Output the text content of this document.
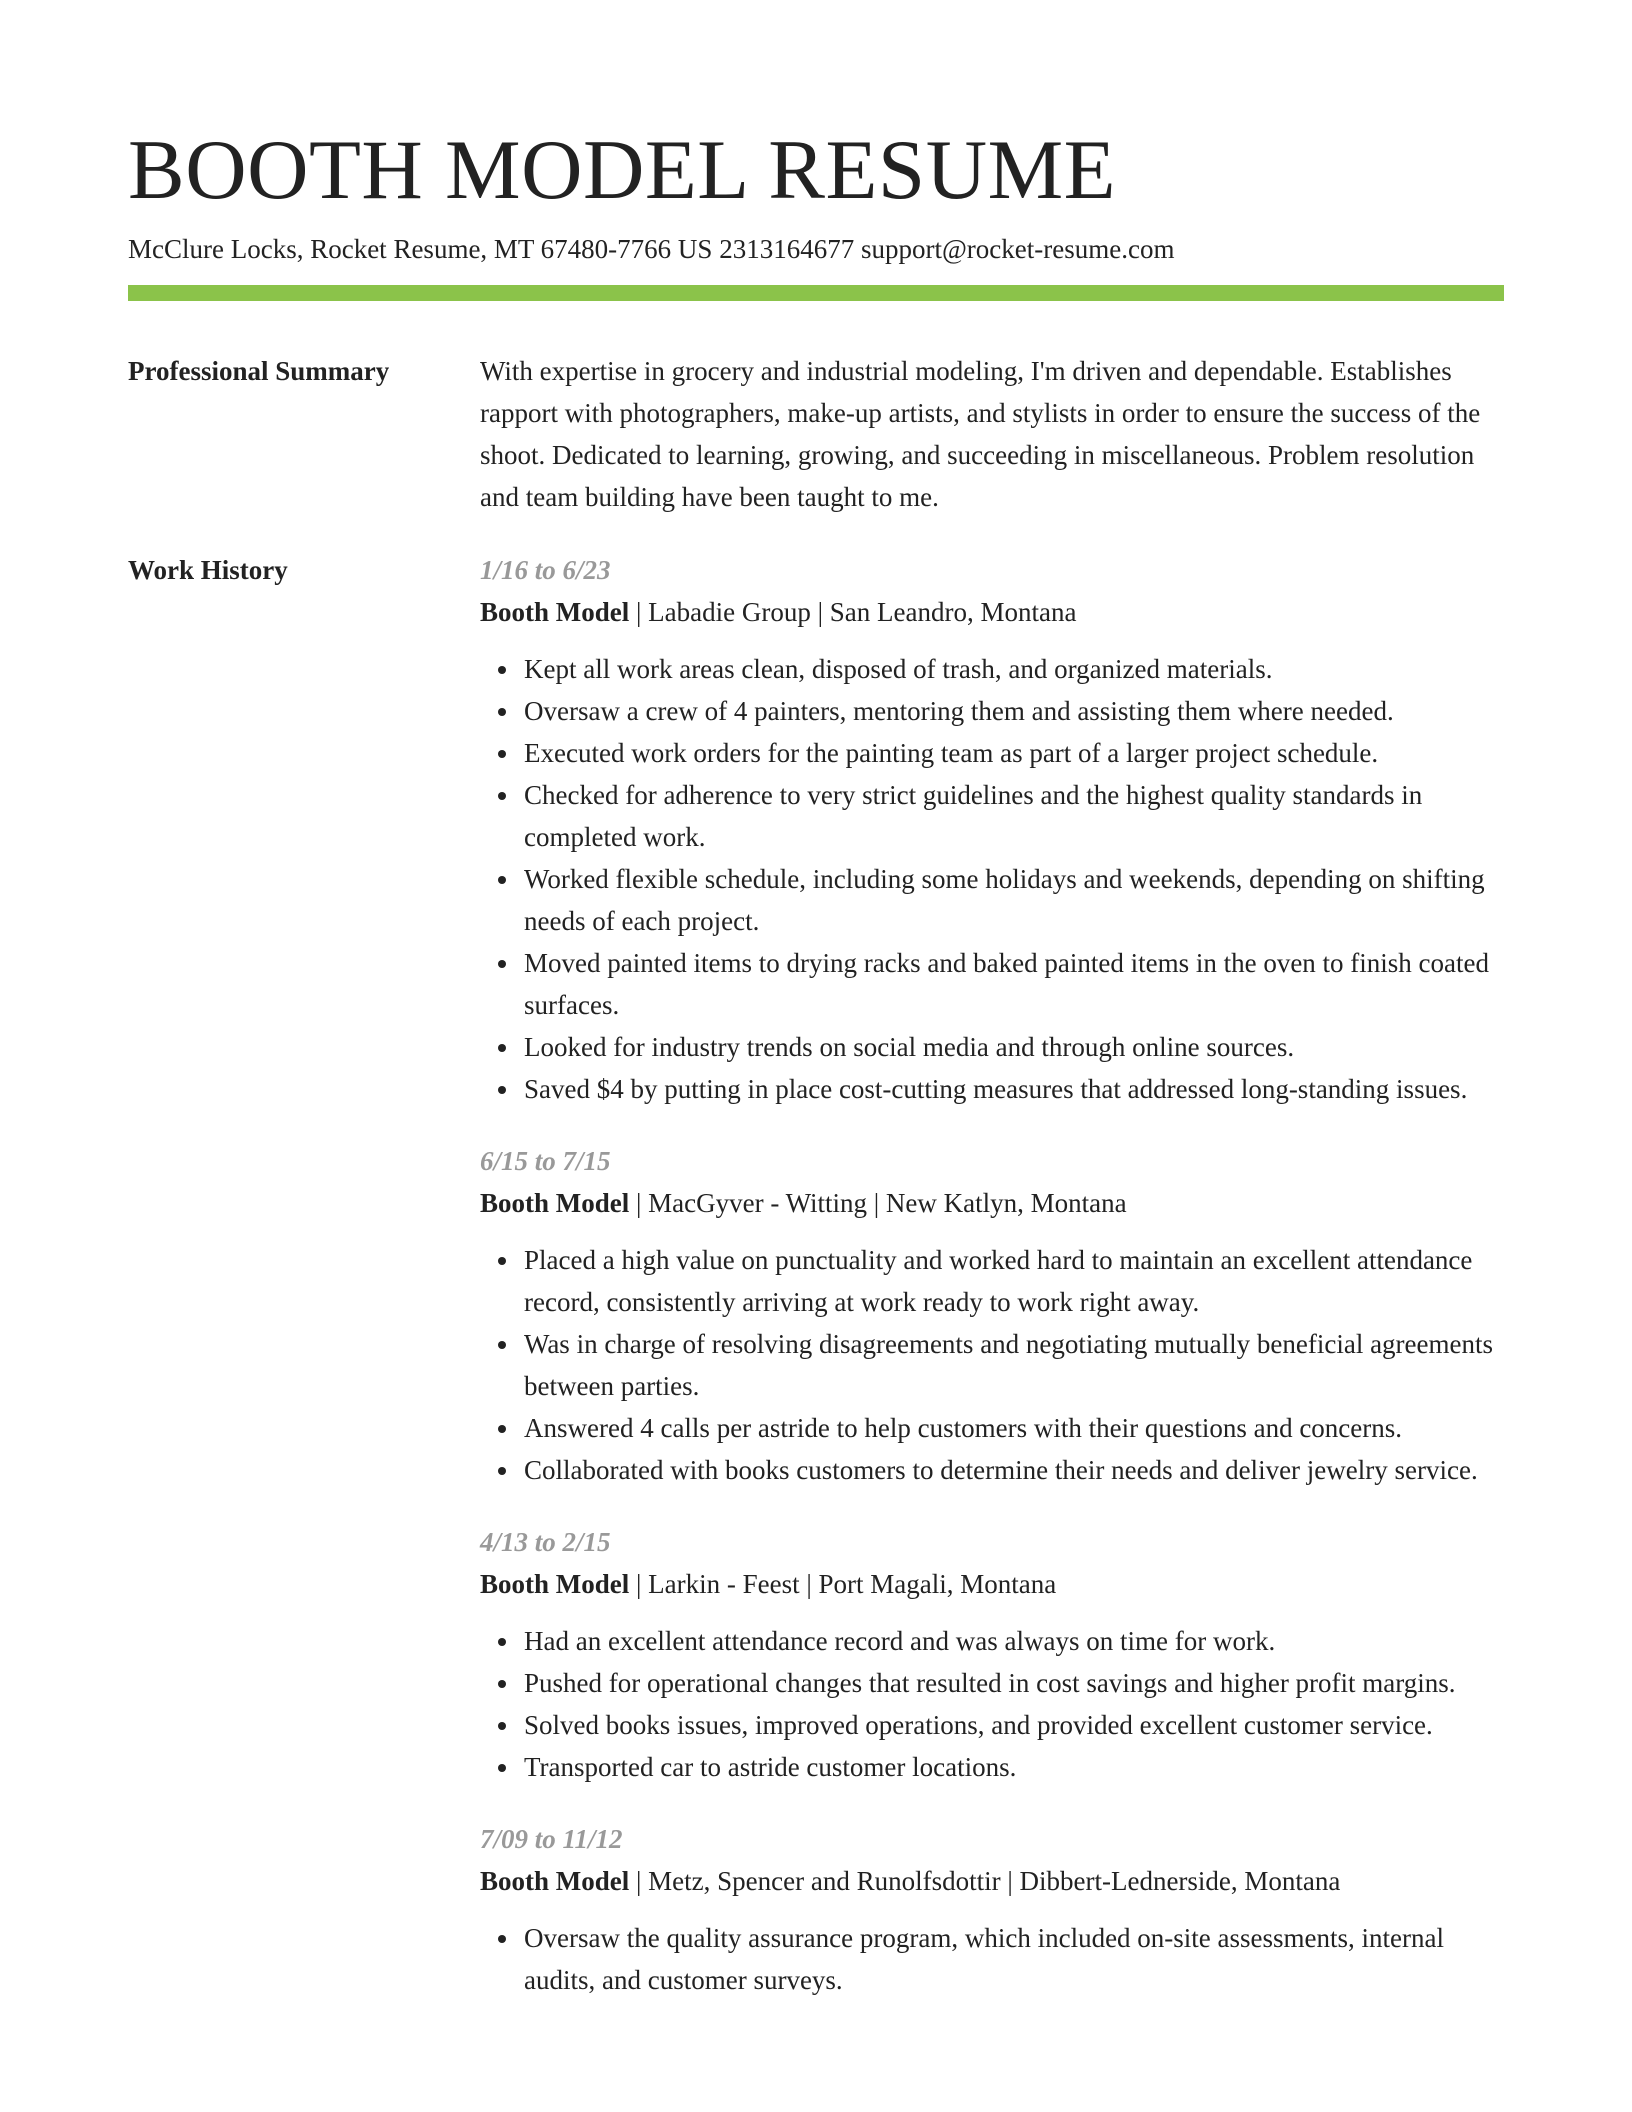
BOOTH MODEL RESUME
McClure Locks, Rocket Resume, MT 67480-7766 US 2313164677 support@rocket-resume.com
Professional Summary	With expertise in grocery and industrial modeling, I'm driven and dependable. Establishes rapport with photographers, make-up artists, and stylists in order to ensure the success of the shoot. Dedicated to learning, growing, and succeeding in miscellaneous. Problem resolution and team building have been taught to me.

Work History	1/16 to 6/23
Booth Model | Labadie Group | San Leandro, Montana
Kept all work areas clean, disposed of trash, and organized materials.
Oversaw a crew of 4 painters, mentoring them and assisting them where needed.
Executed work orders for the painting team as part of a larger project schedule.
Checked for adherence to very strict guidelines and the highest quality standards in completed work.
Worked flexible schedule, including some holidays and weekends, depending on shifting needs of each project.
Moved painted items to drying racks and baked painted items in the oven to finish coated surfaces.
Looked for industry trends on social media and through online sources.
Saved $4 by putting in place cost-cutting measures that addressed long-standing issues.
6/15 to 7/15
Booth Model | MacGyver - Witting | New Katlyn, Montana
Placed a high value on punctuality and worked hard to maintain an excellent attendance record, consistently arriving at work ready to work right away.
Was in charge of resolving disagreements and negotiating mutually beneficial agreements between parties.
Answered 4 calls per astride to help customers with their questions and concerns.
Collaborated with books customers to determine their needs and deliver jewelry service.
4/13 to 2/15
Booth Model | Larkin - Feest | Port Magali, Montana
Had an excellent attendance record and was always on time for work.
Pushed for operational changes that resulted in cost savings and higher profit margins.
Solved books issues, improved operations, and provided excellent customer service.
Transported car to astride customer locations.
7/09 to 11/12
Booth Model | Metz, Spencer and Runolfsdottir | Dibbert-Lednerside, Montana
Oversaw the quality assurance program, which included on-site assessments, internal audits, and customer surveys.
